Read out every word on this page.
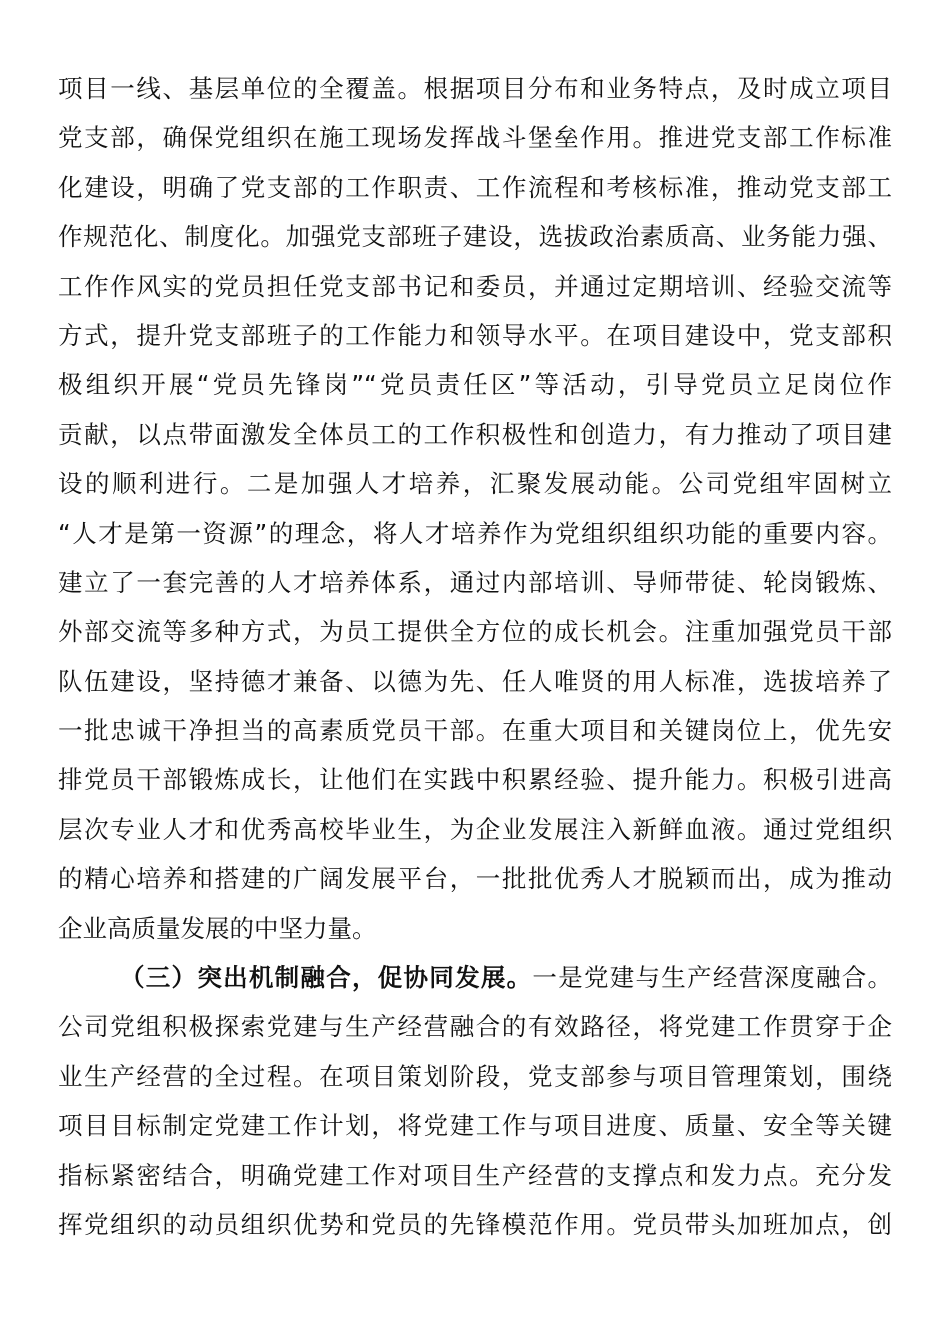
项目一线、基层单位的全覆盖。根据项目分布和业务特点，及时成立项目
党支部，确保党组织在施工现场发挥战斗堡垒作用。推进党支部工作标准
化建设，明确了党支部的工作职责、工作流程和考核标准，推动党支部工
作规范化、制度化。加强党支部班子建设，选拔政治素质高、业务能力强、
工作作风实的党员担任党支部书记和委员，并通过定期培训、经验交流等
方式，提升党支部班子的工作能力和领导水平。在项目建设中，党支部积
极组织开展“党员先锋岗”“党员责任区”等活动，引导党员立足岗位作
贡献，以点带面激发全体员工的工作积极性和创造力，有力推动了项目建
设的顺利进行。二是加强人才培养，汇聚发展动能。公司党组牢固树立
“人才是第一资源”的理念，将人才培养作为党组织组织功能的重要内容。
建立了一套完善的人才培养体系，通过内部培训、导师带徒、轮岗锻炼、
外部交流等多种方式，为员工提供全方位的成长机会。注重加强党员干部
队伍建设，坚持德才兼备、以德为先、任人唯贤的用人标准，选拔培养了
一批忠诚干净担当的高素质党员干部。在重大项目和关键岗位上，优先安
排党员干部锻炼成长，让他们在实践中积累经验、提升能力。积极引进高
层次专业人才和优秀高校毕业生，为企业发展注入新鲜血液。通过党组织
的精心培养和搭建的广阔发展平台，一批批优秀人才脱颖而出，成为推动
企业高质量发展的中坚力量。
（三）突出机制融合，促协同发展。一是党建与生产经营深度融合。
公司党组积极探索党建与生产经营融合的有效路径，将党建工作贯穿于企
业生产经营的全过程。在项目策划阶段，党支部参与项目管理策划，围绕
项目目标制定党建工作计划，将党建工作与项目进度、质量、安全等关键
指标紧密结合，明确党建工作对项目生产经营的支撑点和发力点。充分发
挥党组织的动员组织优势和党员的先锋模范作用。党员带头加班加点，创
